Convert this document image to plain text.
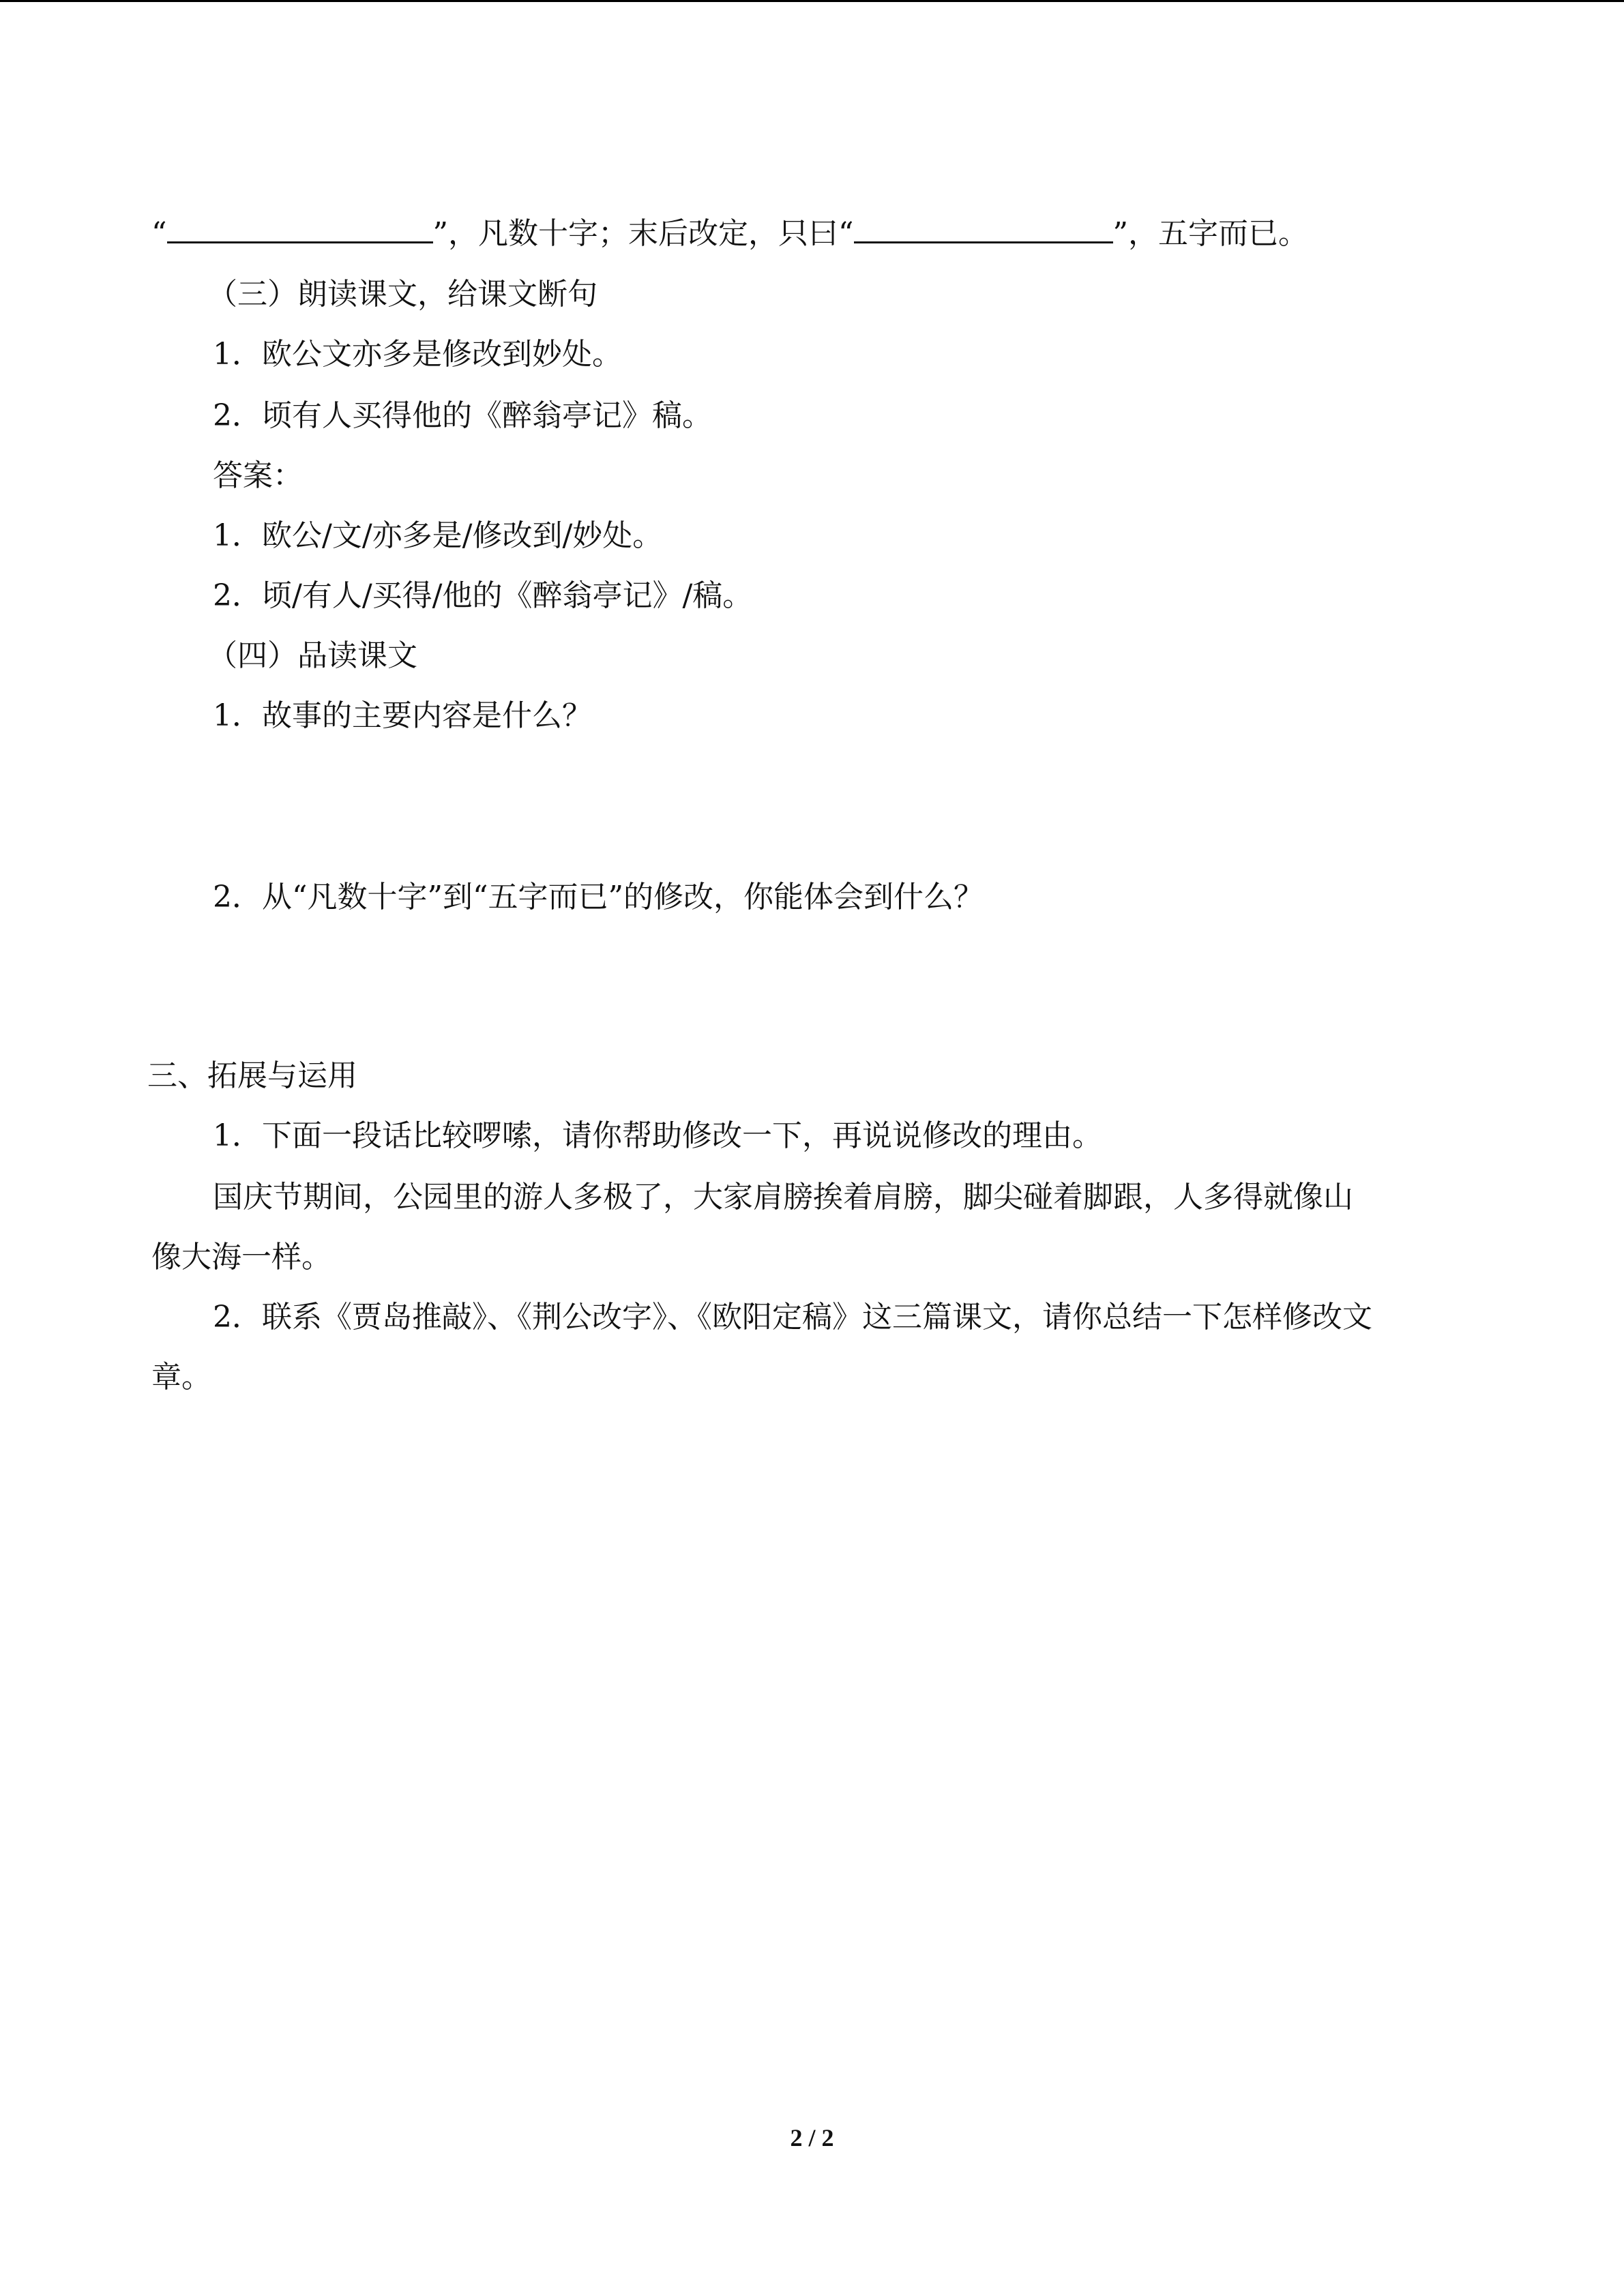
“	”，凡数十字；末后改定，只曰“	”，五字而已。

（三）朗读课文，给课文断句

1．欧公文亦多是修改到妙处。

2．顷有人买得他的《醉翁亭记》稿。

答案：

1．欧公/文/亦多是/修改到/妙处。

2．顷/有人/买得/他的《醉翁亭记》/稿。

（四）品读课文

1．故事的主要内容是什么？

2．从“凡数十字”到“五字而已”的修改，你能体会到什么？

三、拓展与运用

1．下面一段话比较啰嗦，请你帮助修改一下，再说说修改的理由。

国庆节期间，公园里的游人多极了，大家肩膀挨着肩膀，脚尖碰着脚跟，人多得就像山

像大海一样。

2．联系《贾岛推敲》、《荆公改字》、《欧阳定稿》这三篇课文，请你总结一下怎样修改文

章。

2 / 2
